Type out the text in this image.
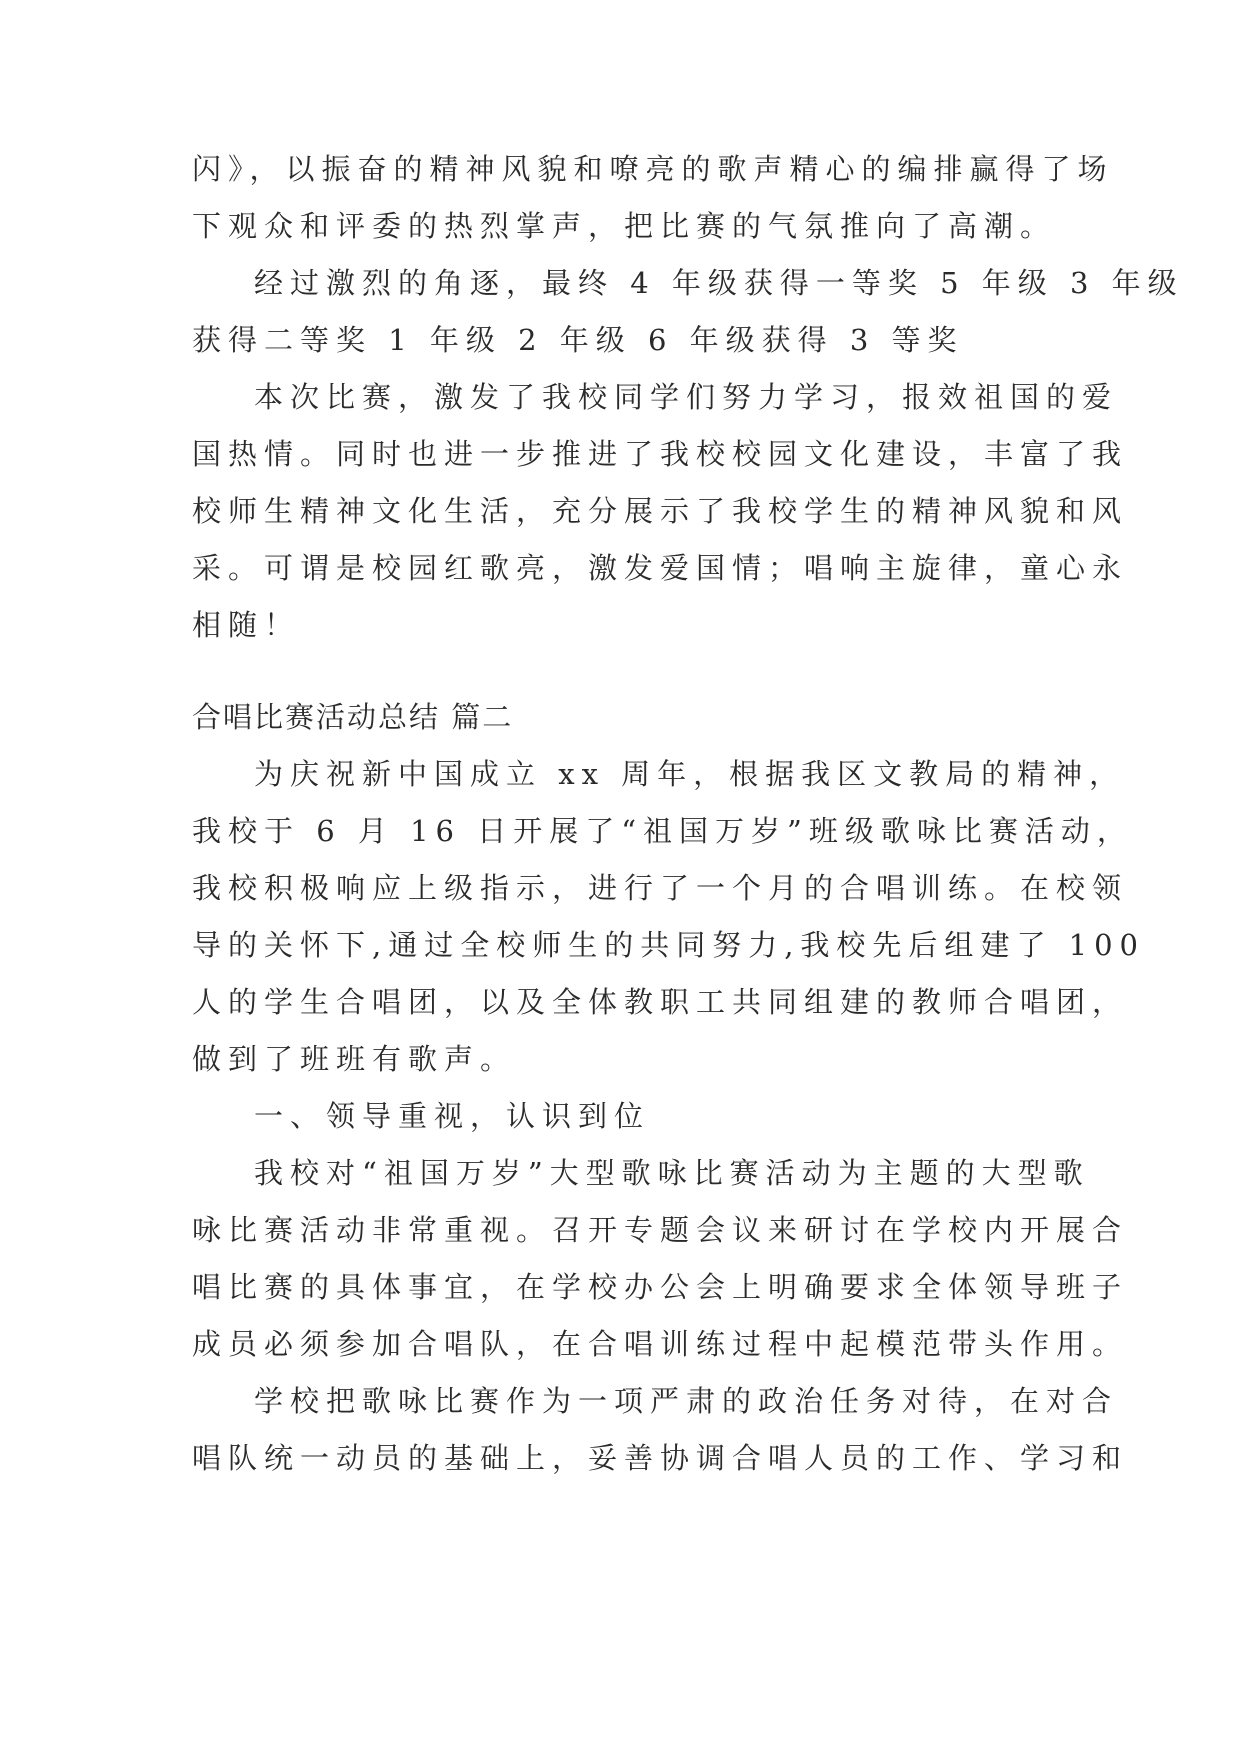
闪》，以振奋的精神风貌和嘹亮的歌声精心的编排赢得了场
下观众和评委的热烈掌声，把比赛的气氛推向了高潮。
经过激烈的角逐，最终 4 年级获得一等奖 5 年级 3 年级
获得二等奖 1 年级 2 年级 6 年级获得 3 等奖
本次比赛，激发了我校同学们努力学习，报效祖国的爱
国热情。同时也进一步推进了我校校园文化建设，丰富了我
校师生精神文化生活，充分展示了我校学生的精神风貌和风
采。可谓是校园红歌亮，激发爱国情；唱响主旋律，童心永
相随！
合唱比赛活动总结 篇二
为庆祝新中国成立 xx 周年，根据我区文教局的精神，
我校于 6 月 16 日开展了“祖国万岁”班级歌咏比赛活动，
我校积极响应上级指示，进行了一个月的合唱训练。在校领
导的关怀下,通过全校师生的共同努力,我校先后组建了 100
人的学生合唱团，以及全体教职工共同组建的教师合唱团，
做到了班班有歌声。
一、领导重视，认识到位
我校对“祖国万岁”大型歌咏比赛活动为主题的大型歌
咏比赛活动非常重视。召开专题会议来研讨在学校内开展合
唱比赛的具体事宜，在学校办公会上明确要求全体领导班子
成员必须参加合唱队，在合唱训练过程中起模范带头作用。
学校把歌咏比赛作为一项严肃的政治任务对待，在对合
唱队统一动员的基础上，妥善协调合唱人员的工作、学习和
